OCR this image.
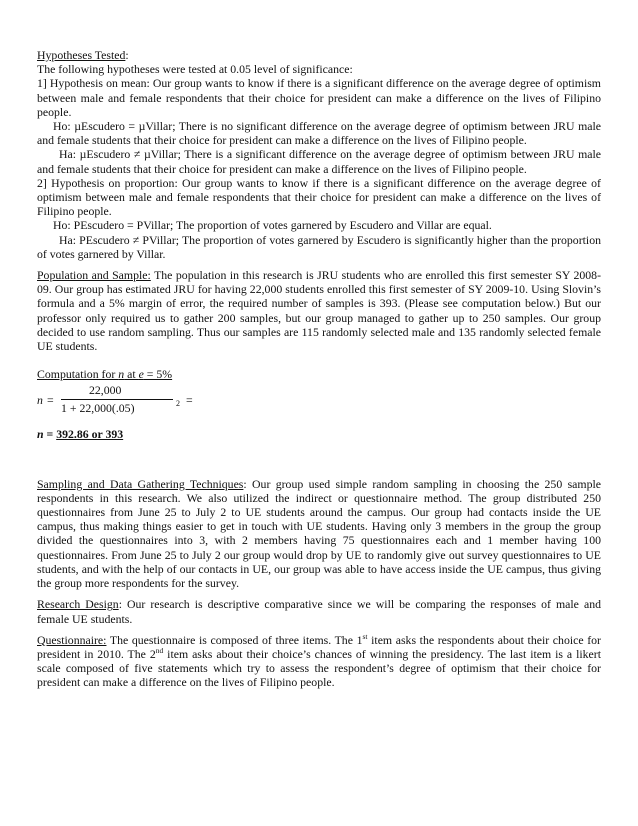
Hypotheses Tested:

The following hypotheses were tested at 0.05 level of significance:

1] Hypothesis on mean: Our group wants to know if there is a significant difference on the average degree of optimism between male and female respondents that their choice for president can make a difference on the lives of Filipino people.

Ho: µEscudero = µVillar; There is no significant difference on the average degree of optimism between JRU male and female students that their choice for president can make a difference on the lives of Filipino people.

Ha: µEscudero ≠ µVillar; There is a significant difference on the average degree of optimism between JRU male and female students that their choice for president can make a difference on the lives of Filipino people.

2] Hypothesis on proportion: Our group wants to know if there is a significant difference on the average degree of optimism between male and female respondents that their choice for president can make a difference on the lives of Filipino people.

Ho: PEscudero = PVillar; The proportion of votes garnered by Escudero and Villar are equal.

Ha: PEscudero ≠ PVillar; The proportion of votes garnered by Escudero is significantly higher than the proportion of votes garnered by Villar.

Population and Sample: The population in this research is JRU students who are enrolled this first semester SY 2008-09. Our group has estimated JRU for having 22,000 students enrolled this first semester of SY 2009-10. Using Slovin’s formula and a 5% margin of error, the required number of samples is 393. (Please see computation below.) But our professor only required us to gather 200 samples, but our group managed to gather up to 250 samples. Our group decided to use random sampling. Thus our samples are 115 randomly selected male and 135 randomly selected female UE students.

Computation for n at e = 5%

n =
22,000
1 + 22,000(.05)	2 =

n = 392.86 or 393

Sampling and Data Gathering Techniques: Our group used simple random sampling in choosing the 250 sample respondents in this research. We also utilized the indirect or questionnaire method. The group distributed 250 questionnaires from June 25 to July 2 to UE students around the campus. Our group had contacts inside the UE campus, thus making things easier to get in touch with UE students. Having only 3 members in the group the group divided the questionnaires into 3, with 2 members having 75 questionnaires each and 1 member having 100 questionnaires. From June 25 to July 2 our group would drop by UE to randomly give out survey questionnaires to UE students, and with the help of our contacts in UE, our group was able to have access inside the UE campus, thus giving the group more respondents for the survey.

Research Design: Our research is descriptive comparative since we will be comparing the responses of male and female UE students.

Questionnaire: The questionnaire is composed of three items. The 1st item asks the respondents about their choice for president in 2010. The 2nd item asks about their choice’s chances of winning the presidency. The last item is a likert scale composed of five statements which try to assess the respondent’s degree of optimism that their choice for president can make a difference on the lives of Filipino people.
